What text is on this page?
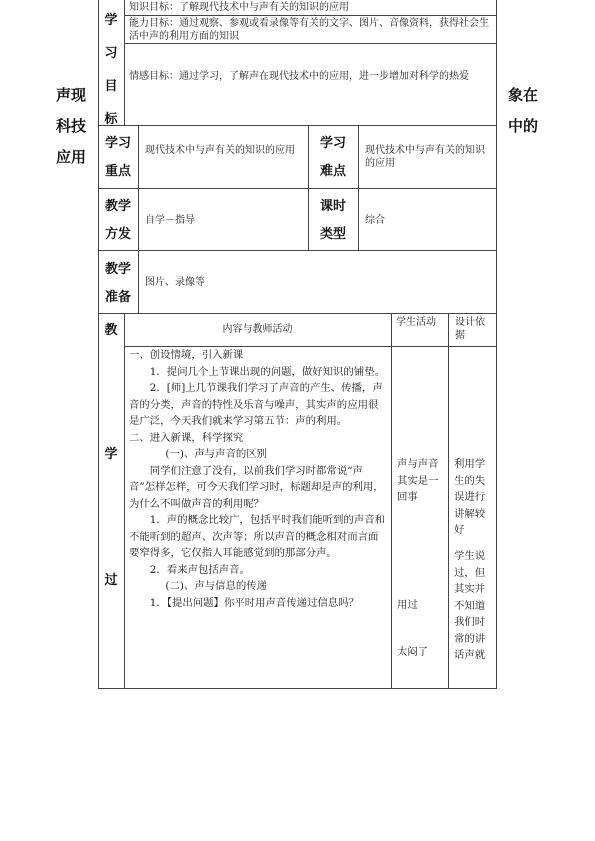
声现
科技
应用
象在
中的
学
习
目
标
知识目标：了解现代技术中与声有关的知识的应用
能力目标：通过观察、参观或看录像等有关的文字、图片、音像资料，获得社会生活中声的利用方面的知识
情感目标：通过学习，了解声在现代技术中的应用，进一步增加对科学的热爱
学习
重点
现代技术中与声有关的知识的应用	学习
难点
现代技术中与声有关的知识的应用
教学
方发
自学－指导
课时
类型
综合
教学
准备
图片、录像等
教
学
过
内容与教师活动
学生活动	设计依据
一、创设情境，引入新课
1．提问几个上节课出现的问题，做好知识的铺垫。
2．[师]上几节课我们学习了声音的产生、传播，声音的分类，声音的特性及乐音与噪声，其实声的应用很是广泛，今天我们就来学习第五节：声的利用。
二、进入新课，科学探究
(一)、声与声音的区别
同学们注意了没有，以前我们学习时都常说“声音”怎样怎样，可今天我们学习时，标题却是声的利用，为什么不叫做声音的利用呢？
1．声的概念比较广，包括平时我们能听到的声音和不能听到的超声、次声等；所以声音的概念相对而言面要窄得多，它仅指人耳能感觉到的那部分声。
2．看来声包括声音。
(二)、声与信息的传递
1．【提出问题】你平时用声音传递过信息吗？
声与声音其实是一回事
用过
太闷了
利用学生的失误进行讲解较好
学生说过，但其实并不知道我们时常的讲话声就
